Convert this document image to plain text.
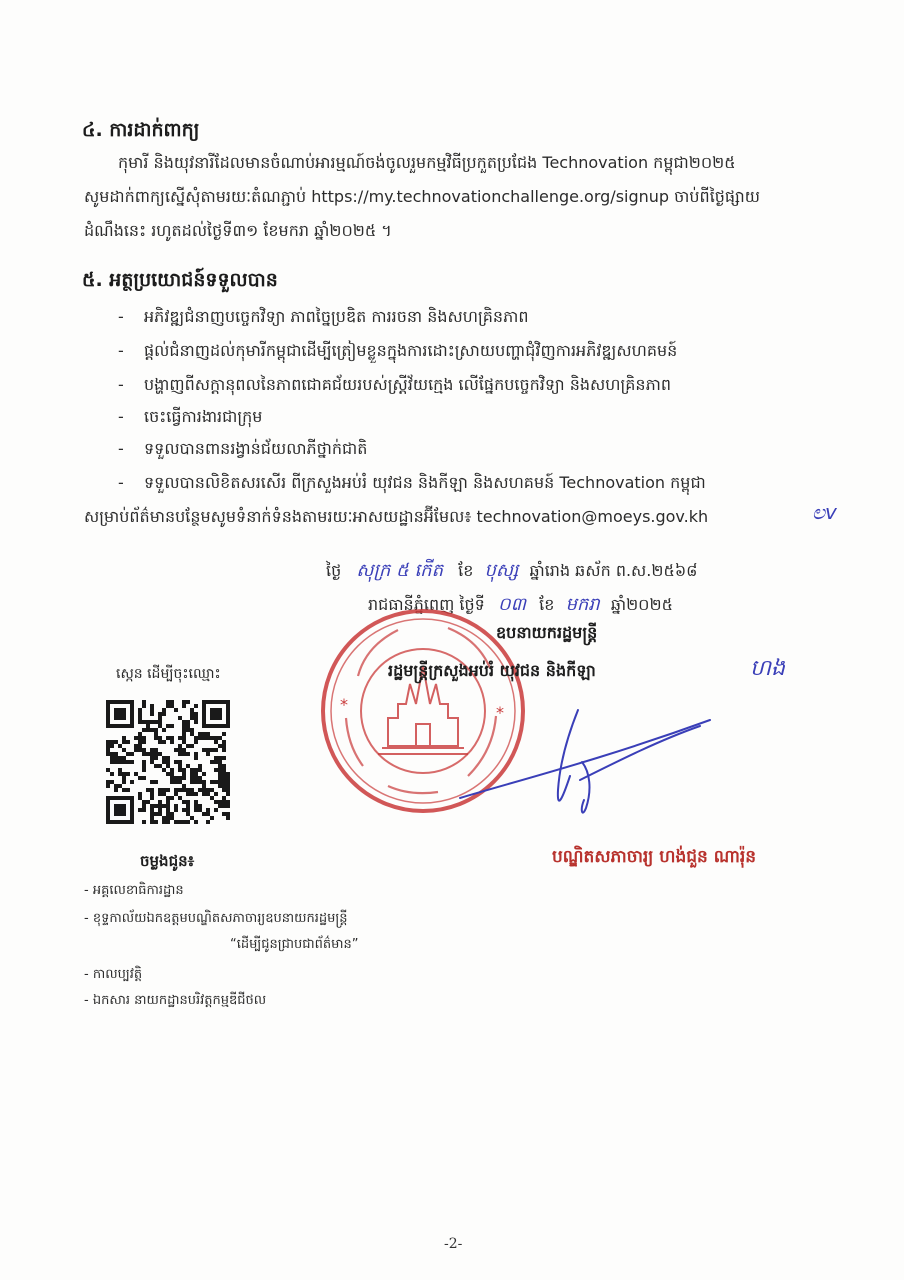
៤. ការដាក់ពាក្យ
កុមារី និងយុវនារីដែលមានចំណាប់អារម្មណ៍ចង់ចូលរួមកម្មវិធីប្រកួតប្រជែង Technovation កម្ពុជា២០២៥
សូមដាក់ពាក្យស្នើសុំតាមរយៈតំណភ្ជាប់ https://my.technovationchallenge.org/signup ចាប់ពីថ្ងៃផ្សាយ
ដំណឹងនេះ រហូតដល់ថ្ងៃទី៣១ ខែមករា ឆ្នាំ២០២៥ ។
៥. អត្ថប្រយោជន៍ទទួលបាន
- អភិវឌ្ឍជំនាញបច្ចេកវិទ្យា ភាពច្នៃប្រឌិត ការរចនា និងសហគ្រិនភាព
- ផ្តល់ជំនាញដល់កុមារីកម្ពុជាដើម្បីត្រៀមខ្លួនក្នុងការដោះស្រាយបញ្ហាជុំវិញការអភិវឌ្ឍសហគមន៍
- បង្ហាញពីសក្តានុពលនៃភាពជោគជ័យរបស់ស្ត្រីវ័យក្មេង លើផ្នែកបច្ចេកវិទ្យា និងសហគ្រិនភាព
- ចេះធ្វើការងារជាក្រុម
- ទទួលបានពានរង្វាន់ជ័យលាភីថ្នាក់ជាតិ
- ទទួលបានលិខិតសរសើរ ពីក្រសួងអប់រំ យុវជន និងកីឡា និងសហគមន៍ Technovation កម្ពុជា
សម្រាប់ព័ត៌មានបន្ថែមសូមទំនាក់ទំនងតាមរយៈអាសយដ្ឋានអ៊ីមែល៖ technovation@moeys.gov.kh	ಲv
ថ្ងៃ សុក្រ ៥ កើត ខែ បុស្ស ឆ្នាំរោង ឆស័ក ព.ស.២៥៦៨
រាជធានីភ្នំពេញ ថ្ងៃទី ០៣ ខែ មករា ឆ្នាំ២០២៥
*	*
ឧបនាយករដ្ឋមន្ត្រី
រដ្ឋមន្ត្រីក្រសួងអប់រំ យុវជន និងកីឡា	ហង
បណ្ឌិតសភាចារ្យ ហង់ជួន ណារ៉ុន
ស្កេន ដើម្បីចុះឈ្មោះ
ចម្លងជូន៖
- អគ្គលេខាធិការដ្ឋាន
- ខុទ្ទកាល័យឯកឧត្តមបណ្ឌិតសភាចារ្យឧបនាយករដ្ឋមន្ត្រី
“ដើម្បីជូនជ្រាបជាព័ត៌មាន”
- កាលប្បវត្តិ
- ឯកសារ នាយកដ្ឋានបរិវត្តកម្មឌីជីថល
-2-
